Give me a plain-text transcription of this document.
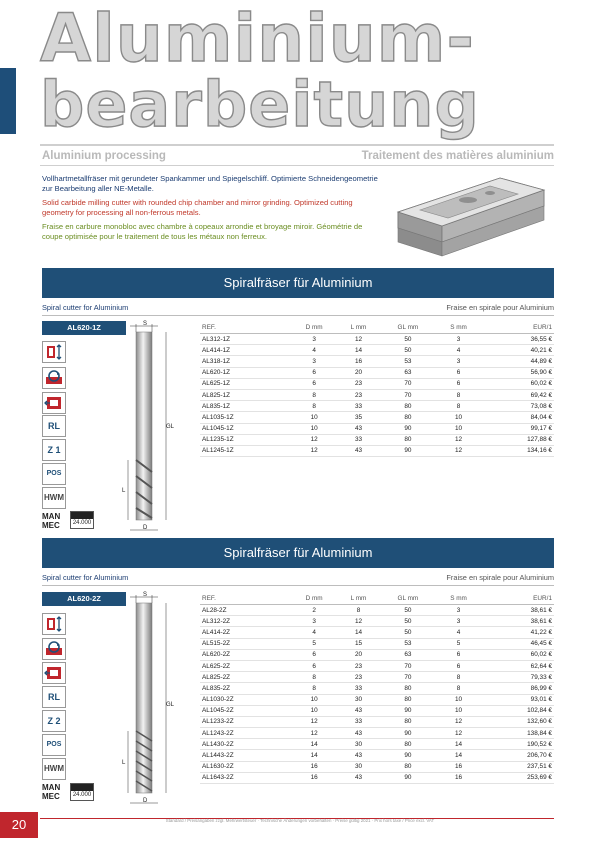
Aluminium-
bearbeitung
Aluminium processing	Traitement des matières aluminium
Vollhartmetallfräser mit gerundeter Spankammer und Spiegelschliff. Optimierte Schneidengeometrie zur Bearbeitung aller NE-Metalle.
Solid carbide milling cutter with rounded chip chamber and mirror grinding. Optimized cutting geometry for processing all non-ferrous metals.
Fraise en carbure monobloc avec chambre à copeaux arrondie et broyage miroir. Géométrie de coupe optimisée pour le traitement de tous les métaux non ferreux.
Spiralfräser für Aluminium
Spiral cutter for Aluminium	Fraise en spirale pour Aluminium
AL620-1Z
RL
Z 1
POS
HWM
MAN
MEC	24.000
S
GL
L
D
REF.	D mm	L mm	GL mm	S mm	EUR/1
AL312-1Z	3	12	50	3	36,55 €
AL414-1Z	4	14	50	4	40,21 €
AL318-1Z	3	16	53	3	44,89 €
AL620-1Z	6	20	63	6	56,90 €
AL625-1Z	6	23	70	6	60,02 €
AL825-1Z	8	23	70	8	69,42 €
AL835-1Z	8	33	80	8	73,08 €
AL1035-1Z	10	35	80	10	84,04 €
AL1045-1Z	10	43	90	10	99,17 €
AL1235-1Z	12	33	80	12	127,88 €
AL1245-1Z	12	43	90	12	134,16 €
Spiralfräser für Aluminium
Spiral cutter for Aluminium	Fraise en spirale pour Aluminium
AL620-2Z
RL
Z 2
POS
HWM
MAN
MEC	24.000
S
GL
L
D
REF.	D mm	L mm	GL mm	S mm	EUR/1
AL28-2Z	2	8	50	3	38,61 €
AL312-2Z	3	12	50	3	38,61 €
AL414-2Z	4	14	50	4	41,22 €
AL515-2Z	5	15	53	5	46,45 €
AL620-2Z	6	20	63	6	60,02 €
AL625-2Z	6	23	70	6	62,64 €
AL825-2Z	8	23	70	8	79,33 €
AL835-2Z	8	33	80	8	86,99 €
AL1030-2Z	10	30	80	10	93,01 €
AL1045-2Z	10	43	90	10	102,84 €
AL1233-2Z	12	33	80	12	132,60 €
AL1243-2Z	12	43	90	12	138,84 €
AL1430-2Z	14	30	80	14	190,52 €
AL1443-2Z	14	43	90	14	206,70 €
AL1630-2Z	16	30	80	16	237,51 €
AL1643-2Z	16	43	90	16	253,69 €
20	Standard / Preisangaben zzgl. Mehrwertsteuer · Technische Änderungen vorbehalten · Preise gültig 2021 · Prix hors taxe / Price excl. VAT
